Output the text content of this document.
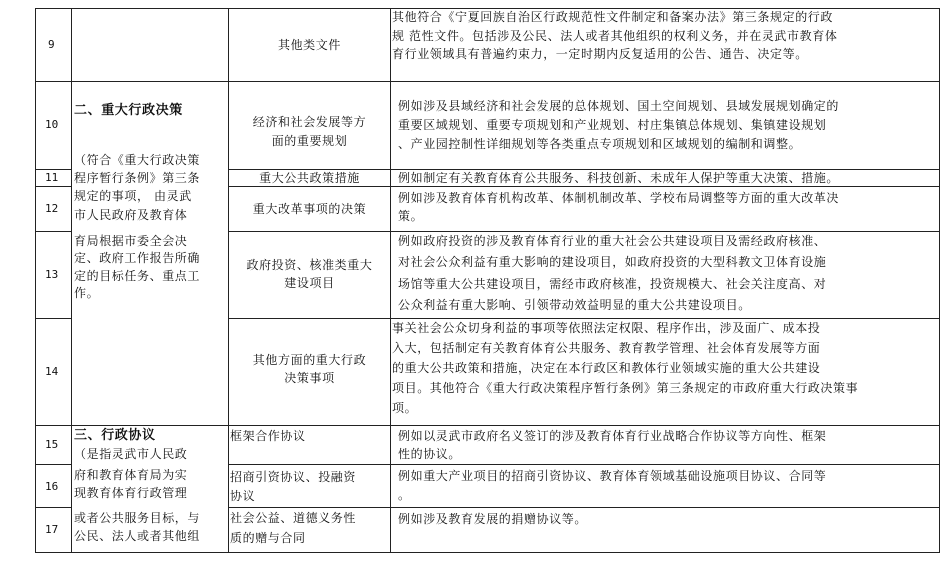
9
10
11
12
13
14
15
16
17
二、重大行政决策
（符合《重大行政决策
程序暂行条例》第三条
规定的事项， 由灵武
市人民政府及教育体
育局根据市委全会决
定、政府工作报告所确
定的目标任务、重点工
作。
三、行政协议
（是指灵武市人民政
府和教育体育局为实
现教育体育行政管理
或者公共服务目标，与
公民、法人或者其他组
其他类文件
经济和社会发展等方
面的重要规划
重大公共政策措施
重大改革事项的决策
政府投资、核准类重大
建设项目
其他方面的重大行政
决策事项
框架合作协议
招商引资协议、投融资
协议
社会公益、道德义务性
质的赠与合同
其他符合《宁夏回族自治区行政规范性文件制定和备案办法》第三条规定的行政
规 范性文件。包括涉及公民、法人或者其他组织的权利义务，并在灵武市教育体
育行业领域具有普遍约束力，一定时期内反复适用的公告、通告、决定等。
例如涉及县域经济和社会发展的总体规划、国土空间规划、县域发展规划确定的
重要区域规划、重要专项规划和产业规划、村庄集镇总体规划、集镇建设规划
、产业园控制性详细规划等各类重点专项规划和区域规划的编制和调整。
例如制定有关教育体育公共服务、科技创新、未成年人保护等重大决策、措施。
例如涉及教育体育机构改革、体制机制改革、学校布局调整等方面的重大改革决
策。
例如政府投资的涉及教育体育行业的重大社会公共建设项目及需经政府核准、
对社会公众利益有重大影响的建设项目，如政府投资的大型科教文卫体育设施
场馆等重大公共建设项目，需经市政府核准，投资规模大、社会关注度高、对
公众利益有重大影响、引领带动效益明显的重大公共建设项目。
事关社会公众切身利益的事项等依照法定权限、程序作出，涉及面广、成本投
入大，包括制定有关教育体育公共服务、教育教学管理、社会体育发展等方面
的重大公共政策和措施，决定在本行政区和教体行业领域实施的重大公共建设
项目。其他符合《重大行政决策程序暂行条例》第三条规定的市政府重大行政决策事
项。
例如以灵武市政府名义签订的涉及教育体育行业战略合作协议等方向性、框架
性的协议。
例如重大产业项目的招商引资协议、教育体育领域基础设施项目协议、合同等
。
例如涉及教育发展的捐赠协议等。
